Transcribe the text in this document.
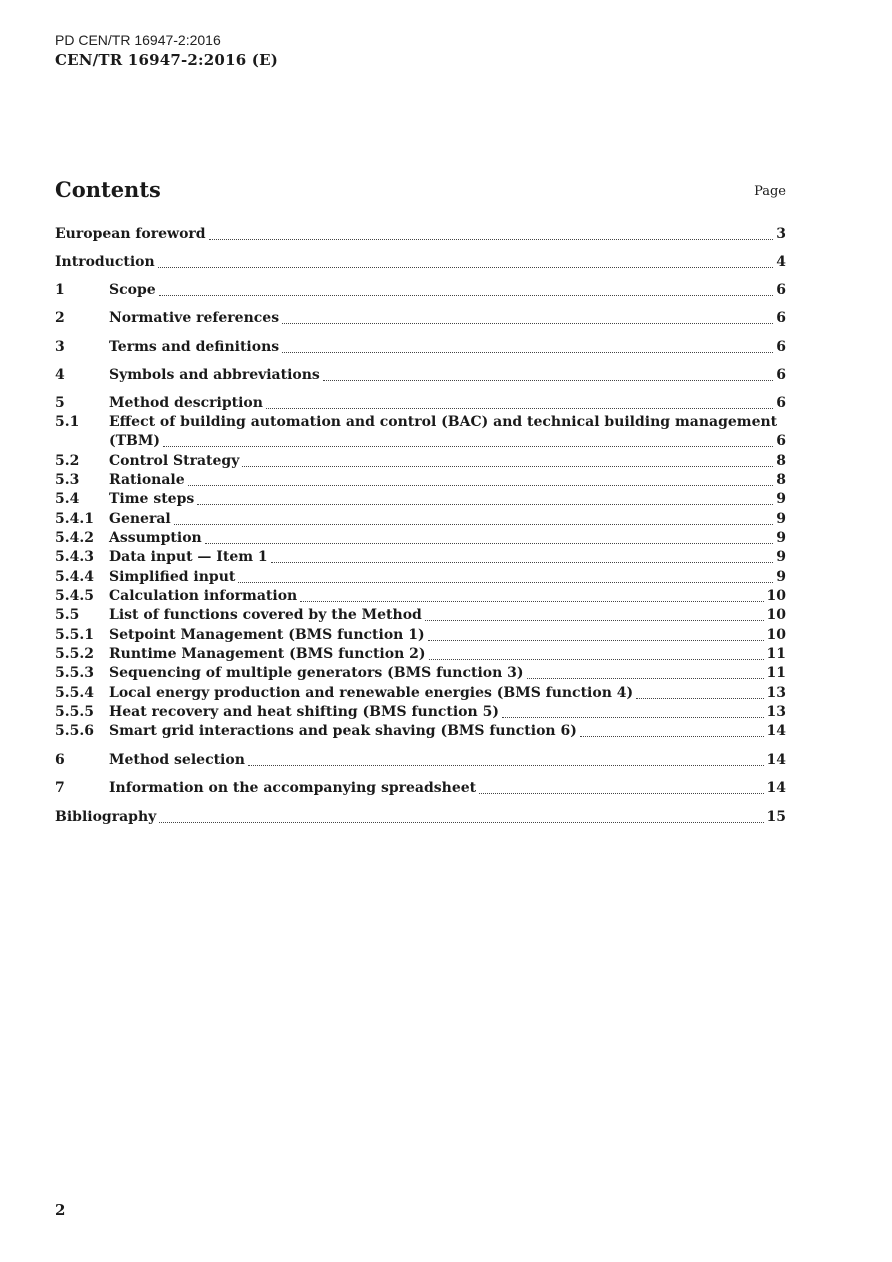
PD CEN/TR 16947-2:2016
CEN/TR 16947-2:2016 (E)
Contents	Page
European foreword	3
Introduction	4
1	Scope	6
2	Normative references	6
3	Terms and definitions	6
4	Symbols and abbreviations	6
5	Method description	6
5.1	Effect of building automation and control (BAC) and technical building management
(TBM)	6
5.2	Control Strategy	8
5.3	Rationale	8
5.4	Time steps	9
5.4.1	General	9
5.4.2	Assumption	9
5.4.3	Data input — Item 1	9
5.4.4	Simplified input	9
5.4.5	Calculation information	10
5.5	List of functions covered by the Method	10
5.5.1	Setpoint Management (BMS function 1)	10
5.5.2	Runtime Management (BMS function 2)	11
5.5.3	Sequencing of multiple generators (BMS function 3)	11
5.5.4	Local energy production and renewable energies (BMS function 4)	13
5.5.5	Heat recovery and heat shifting (BMS function 5)	13
5.5.6	Smart grid interactions and peak shaving (BMS function 6)	14
6	Method selection	14
7	Information on the accompanying spreadsheet	14
Bibliography	15
2
